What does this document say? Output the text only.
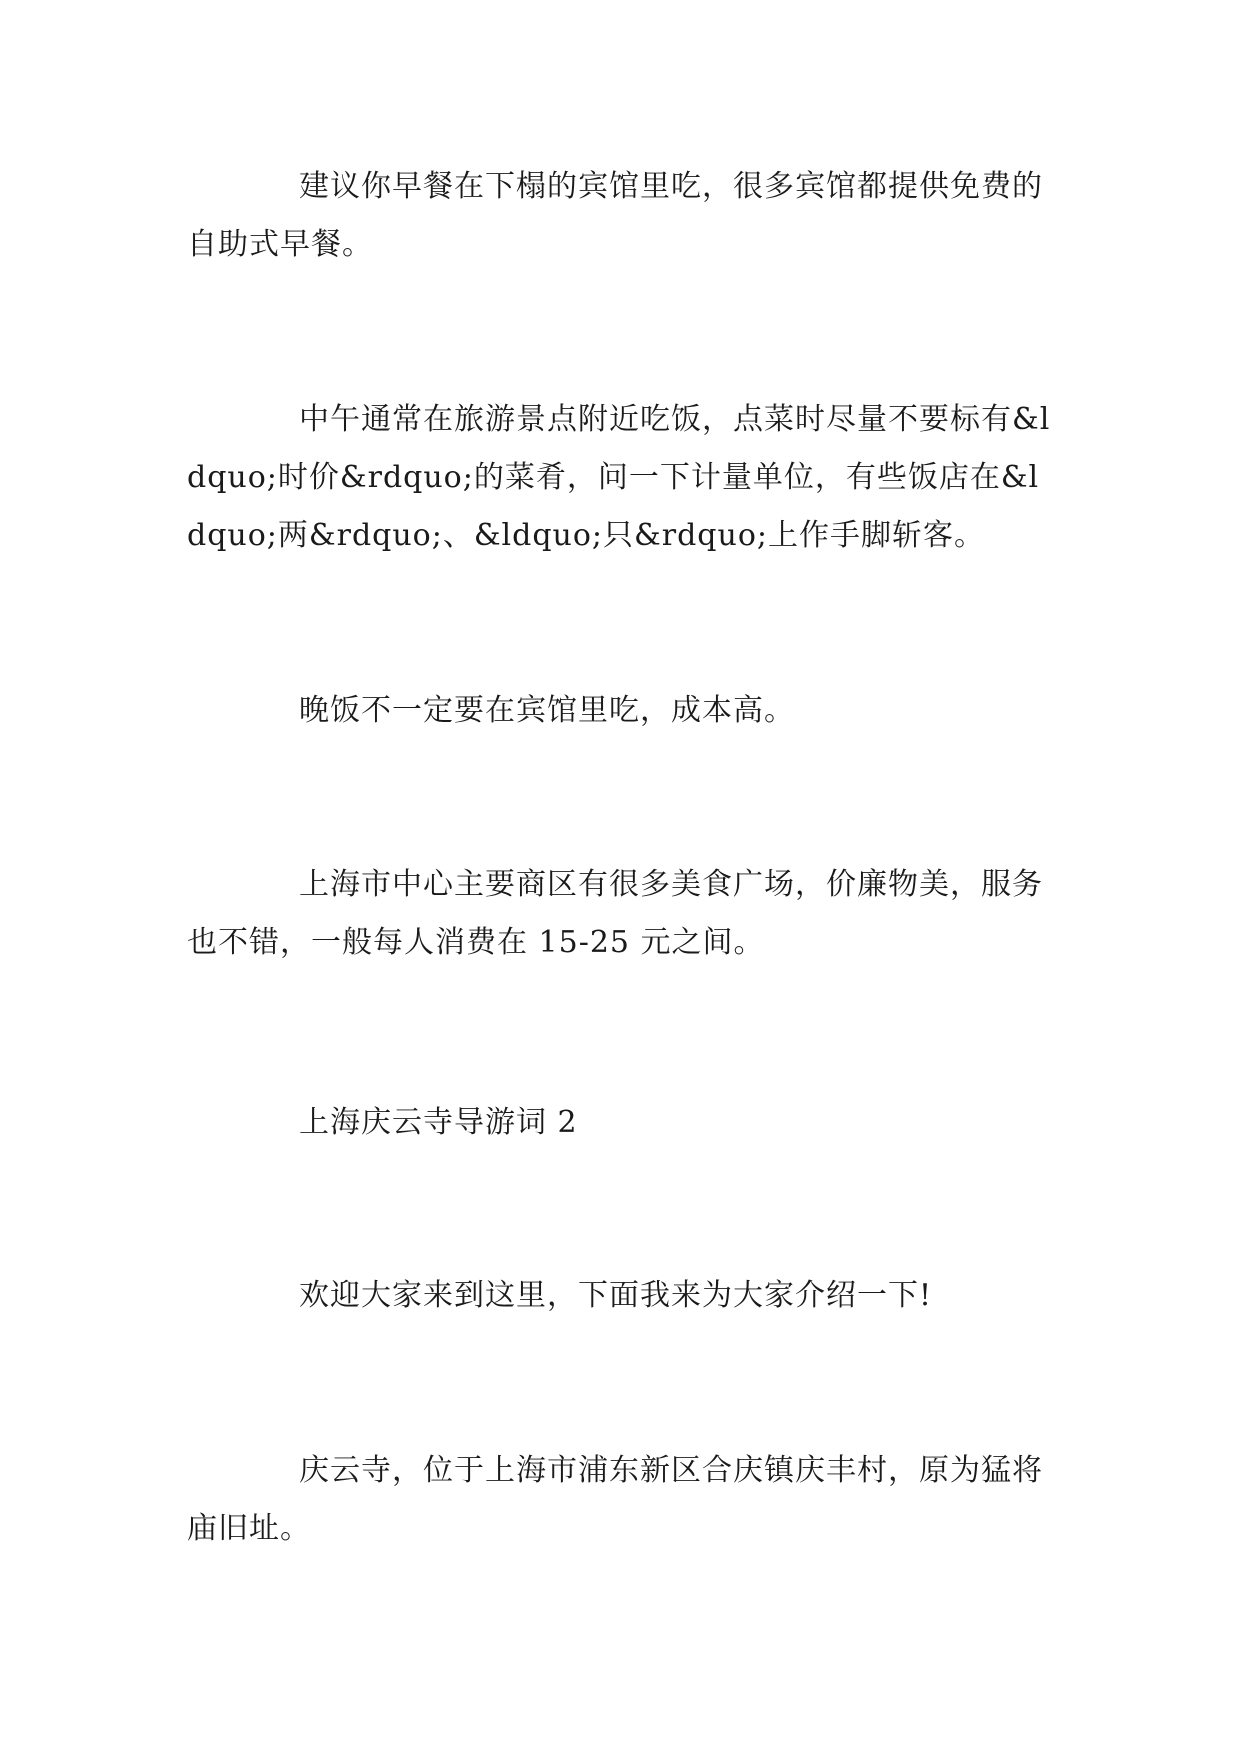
建议你早餐在下榻的宾馆里吃，很多宾馆都提供免费的自助式早餐。

中午通常在旅游景点附近吃饭，点菜时尽量不要标有&ldquo;时价&rdquo;的菜肴，问一下计量单位，有些饭店在&ldquo;两&rdquo;、&ldquo;只&rdquo;上作手脚斩客。

晚饭不一定要在宾馆里吃，成本高。

上海市中心主要商区有很多美食广场，价廉物美，服务也不错，一般每人消费在 15-25 元之间。

上海庆云寺导游词 2

欢迎大家来到这里，下面我来为大家介绍一下!

庆云寺，位于上海市浦东新区合庆镇庆丰村，原为猛将庙旧址。
